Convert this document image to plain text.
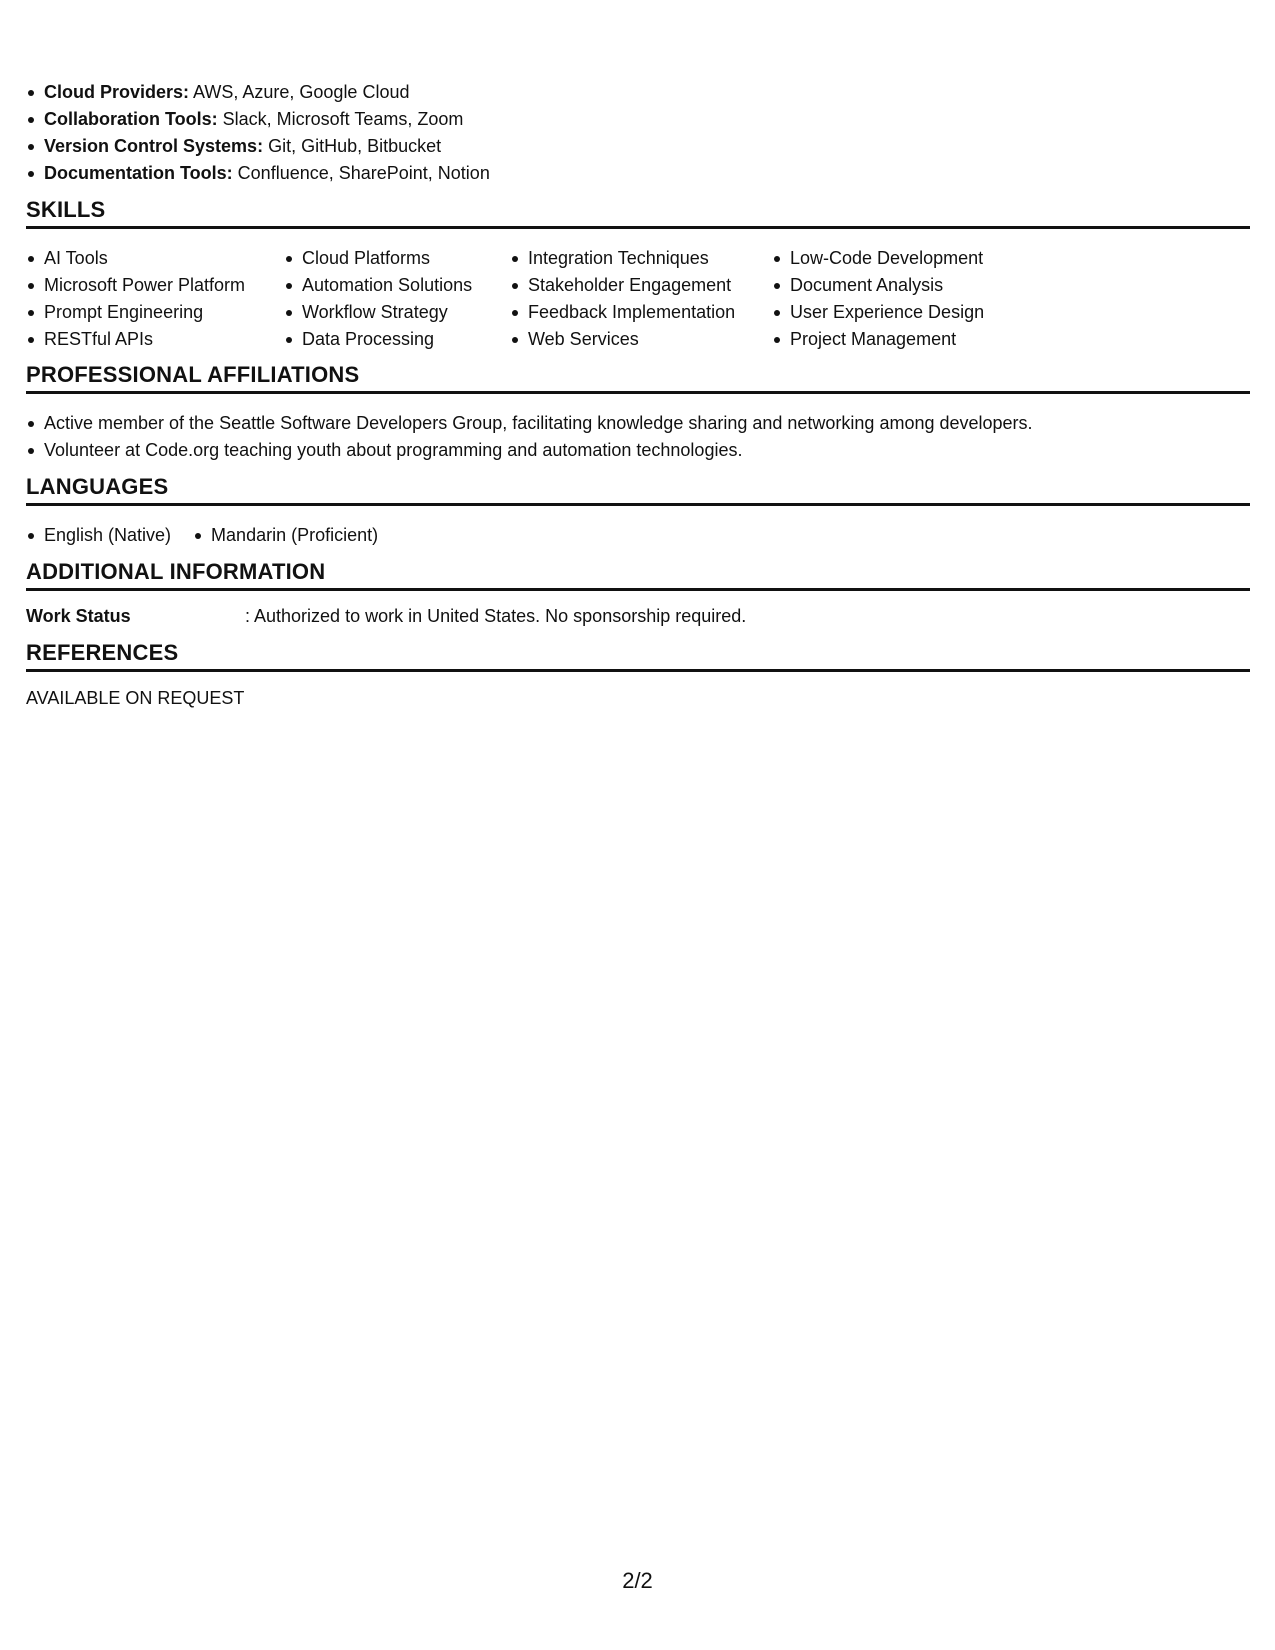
Cloud Providers: AWS, Azure, Google Cloud
Collaboration Tools: Slack, Microsoft Teams, Zoom
Version Control Systems: Git, GitHub, Bitbucket
Documentation Tools: Confluence, SharePoint, Notion
SKILLS
AI Tools
Microsoft Power Platform
Prompt Engineering
RESTful APIs
Cloud Platforms
Automation Solutions
Workflow Strategy
Data Processing
Integration Techniques
Stakeholder Engagement
Feedback Implementation
Web Services
Low-Code Development
Document Analysis
User Experience Design
Project Management
PROFESSIONAL AFFILIATIONS
Active member of the Seattle Software Developers Group, facilitating knowledge sharing and networking among developers.
Volunteer at Code.org teaching youth about programming and automation technologies.
LANGUAGES
English (Native)	Mandarin (Proficient)
ADDITIONAL INFORMATION
Work Status	: Authorized to work in United States. No sponsorship required.
REFERENCES
AVAILABLE ON REQUEST
2/2
